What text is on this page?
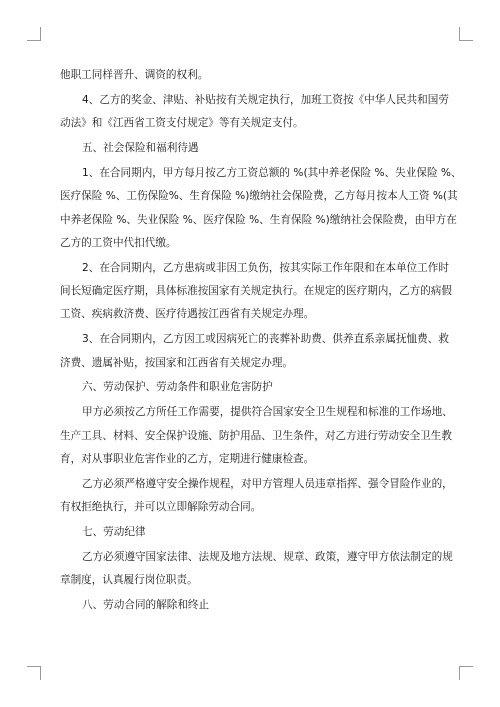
他职工同样晋升、调资的权利。
4、乙方的奖金、津贴、补贴按有关规定执行，加班工资按《中华人民共和国劳
动法》和《江西省工资支付规定》等有关规定支付。
五、社会保险和福利待遇
1、在合同期内，甲方每月按乙方工资总额的 %(其中养老保险 %、失业保险 %、
医疗保险 %、工伤保险%、生育保险 %)缴纳社会保险费，乙方每月按本人工资 %(其
中养老保险 %、失业保险 %、医疗保险 %、生育保险 %)缴纳社会保险费，由甲方在
乙方的工资中代扣代缴。
2、在合同期内，乙方患病或非因工负伤，按其实际工作年限和在本单位工作时
间长短确定医疗期，具体标准按国家有关规定执行。在规定的医疗期内，乙方的病假
工资、疾病救济费、医疗待遇按江西省有关规定办理。
3、在合同期内，乙方因工或因病死亡的丧葬补助费、供养直系亲属抚恤费、救
济费、遗属补贴，按国家和江西省有关规定办理。
六、劳动保护、劳动条件和职业危害防护
甲方必须按乙方所任工作需要，提供符合国家安全卫生规程和标准的工作场地、
生产工具、材料、安全保护设施、防护用品、卫生条件，对乙方进行劳动安全卫生教
育，对从事职业危害作业的乙方，定期进行健康检查。
乙方必须严格遵守安全操作规程，对甲方管理人员违章指挥、强令冒险作业的，
有权拒绝执行，并可以立即解除劳动合同。
七、劳动纪律
乙方必须遵守国家法律、法规及地方法规、规章、政策，遵守甲方依法制定的规
章制度，认真履行岗位职责。
八、劳动合同的解除和终止
